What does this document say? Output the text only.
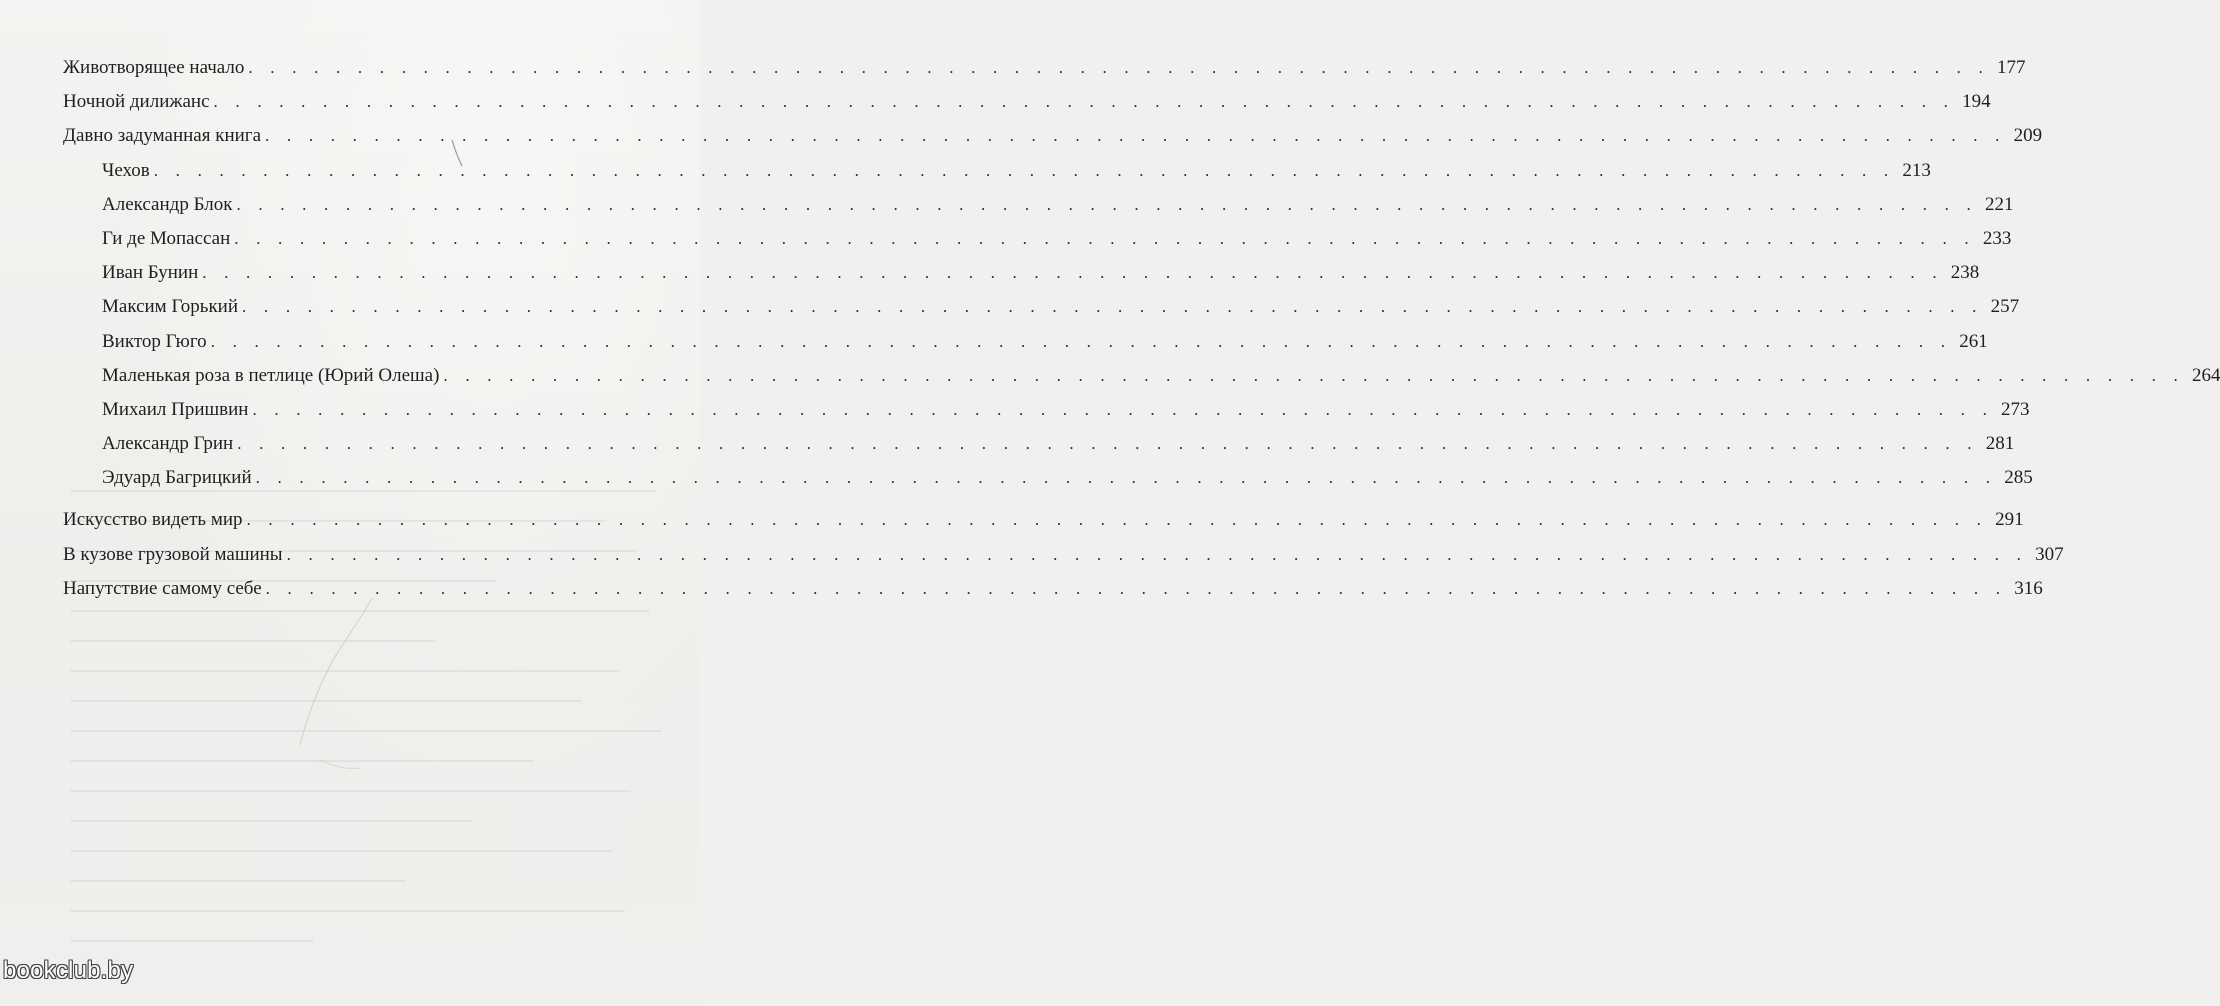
Животворящее начало . . . . . . . . . . . . . . . . . . . . . . . . . . . . . . . . . . . . . . . . . . . . . . . . . . . . . . . . . . . . . . . . . . . . . . . . . . . . . . . . 177
Ночной дилижанс . . . . . . . . . . . . . . . . . . . . . . . . . . . . . . . . . . . . . . . . . . . . . . . . . . . . . . . . . . . . . . . . . . . . . . . . . . . . . . . . 194
Давно задуманная книга . . . . . . . . . . . . . . . . . . . . . . . . . . . . . . . . . . . . . . . . . . . . . . . . . . . . . . . . . . . . . . . . . . . . . . . . . . . . . . . . 209
Чехов . . . . . . . . . . . . . . . . . . . . . . . . . . . . . . . . . . . . . . . . . . . . . . . . . . . . . . . . . . . . . . . . . . . . . . . . . . . . . . . . 213
Александр Блок . . . . . . . . . . . . . . . . . . . . . . . . . . . . . . . . . . . . . . . . . . . . . . . . . . . . . . . . . . . . . . . . . . . . . . . . . . . . . . . . 221
Ги де Мопассан . . . . . . . . . . . . . . . . . . . . . . . . . . . . . . . . . . . . . . . . . . . . . . . . . . . . . . . . . . . . . . . . . . . . . . . . . . . . . . . . 233
Иван Бунин . . . . . . . . . . . . . . . . . . . . . . . . . . . . . . . . . . . . . . . . . . . . . . . . . . . . . . . . . . . . . . . . . . . . . . . . . . . . . . . . 238
Максим Горький . . . . . . . . . . . . . . . . . . . . . . . . . . . . . . . . . . . . . . . . . . . . . . . . . . . . . . . . . . . . . . . . . . . . . . . . . . . . . . . . 257
Виктор Гюго . . . . . . . . . . . . . . . . . . . . . . . . . . . . . . . . . . . . . . . . . . . . . . . . . . . . . . . . . . . . . . . . . . . . . . . . . . . . . . . . 261
Маленькая роза в петлице (Юрий Олеша) . . . . . . . . . . . . . . . . . . . . . . . . . . . . . . . . . . . . . . . . . . . . . . . . . . . . . . . . . . . . . . . . . . . . . . . . . . . . . . . . 264
Михаил Пришвин . . . . . . . . . . . . . . . . . . . . . . . . . . . . . . . . . . . . . . . . . . . . . . . . . . . . . . . . . . . . . . . . . . . . . . . . . . . . . . . . 273
Александр Грин . . . . . . . . . . . . . . . . . . . . . . . . . . . . . . . . . . . . . . . . . . . . . . . . . . . . . . . . . . . . . . . . . . . . . . . . . . . . . . . . 281
Эдуард Багрицкий . . . . . . . . . . . . . . . . . . . . . . . . . . . . . . . . . . . . . . . . . . . . . . . . . . . . . . . . . . . . . . . . . . . . . . . . . . . . . . . . 285
Искусство видеть мир . . . . . . . . . . . . . . . . . . . . . . . . . . . . . . . . . . . . . . . . . . . . . . . . . . . . . . . . . . . . . . . . . . . . . . . . . . . . . . . . 291
В кузове грузовой машины . . . . . . . . . . . . . . . . . . . . . . . . . . . . . . . . . . . . . . . . . . . . . . . . . . . . . . . . . . . . . . . . . . . . . . . . . . . . . . . . 307
Напутствие самому себе . . . . . . . . . . . . . . . . . . . . . . . . . . . . . . . . . . . . . . . . . . . . . . . . . . . . . . . . . . . . . . . . . . . . . . . . . . . . . . . . 316
bookclub.by
